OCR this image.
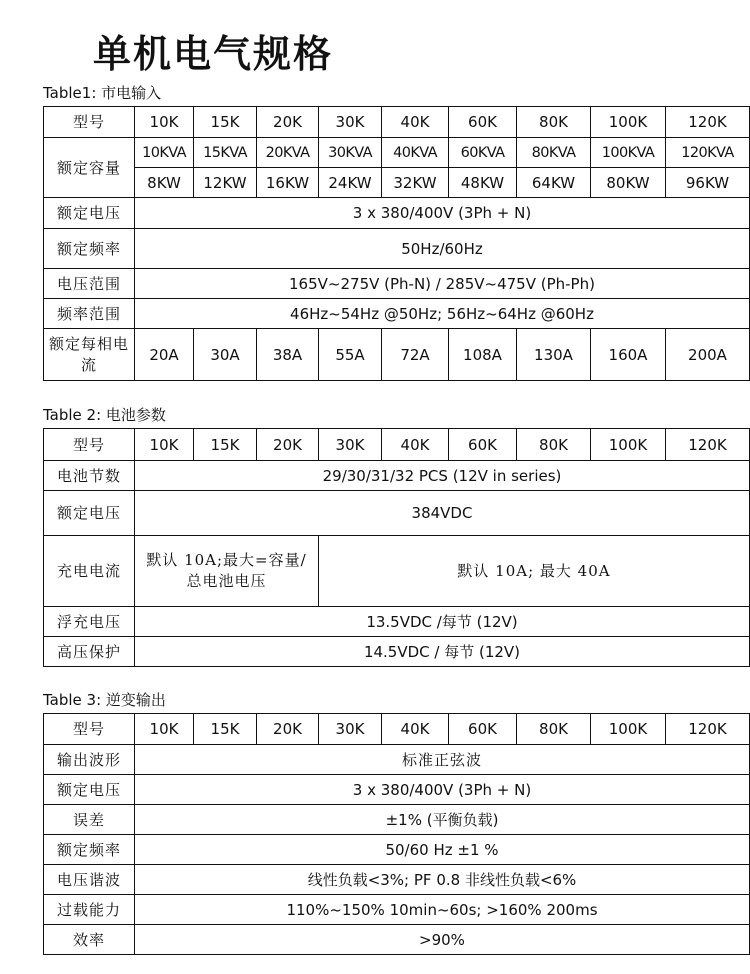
单机电气规格
Table1: 市电输入
型号	10K	15K	20K	30K	40K	60K	80K	100K	120K
额定容量	10KVA	15KVA	20KVA	30KVA	40KVA	60KVA	80KVA	100KVA	120KVA
	8KW	12KW	16KW	24KW	32KW	48KW	64KW	80KW	96KW
额定电压	3 x 380/400V (3Ph + N)								
额定频率	50Hz/60Hz								
电压范围	165V~275V (Ph-N) / 285V~475V (Ph-Ph)								
频率范围	46Hz~54Hz @50Hz; 56Hz~64Hz @60Hz								
额定每相电流	20A	30A	38A	55A	72A	108A	130A	160A	200A
Table 2: 电池参数
型号	10K	15K	20K	30K	40K	60K	80K	100K	120K
电池节数	29/30/31/32 PCS (12V in series)								
额定电压	384VDC								
充电电流	默认 10A;最大=容量/总电池电压			默认 10A; 最大 40A					
浮充电压	13.5VDC /每节 (12V)								
高压保护	14.5VDC / 每节 (12V)								
Table 3: 逆变输出
型号	10K	15K	20K	30K	40K	60K	80K	100K	120K
输出波形	标准正弦波								
额定电压	3 x 380/400V (3Ph + N)								
误差	±1% (平衡负载)								
额定频率	50/60 Hz ±1 %								
电压谐波	线性负载<3%; PF 0.8 非线性负载<6%								
过载能力	110%~150% 10min~60s; >160% 200ms								
效率	>90%								
